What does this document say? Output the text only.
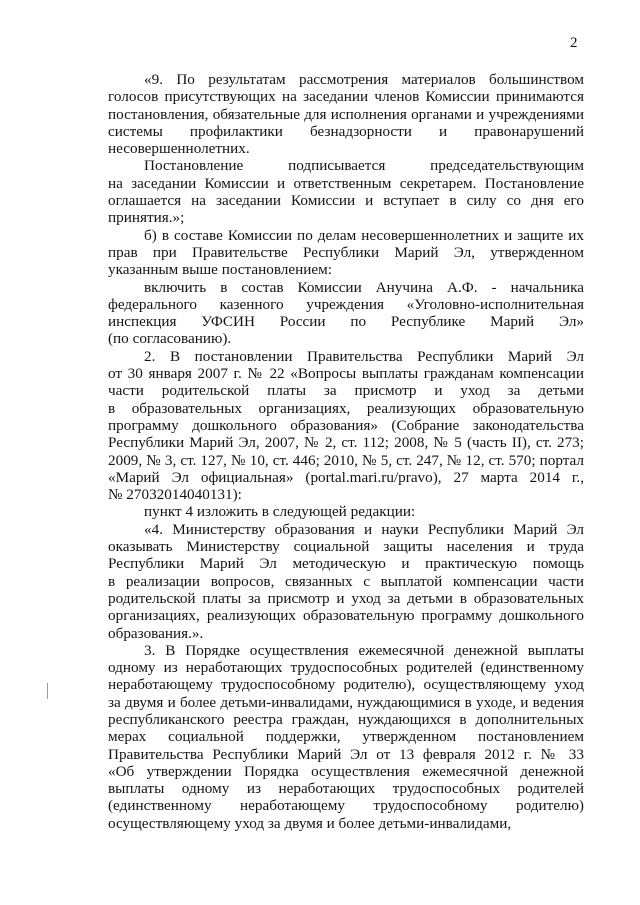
2
«9. По результатам рассмотрения материалов большинством
голосов присутствующих на заседании членов Комиссии принимаются
постановления, обязательные для исполнения органами и учреждениями
системы профилактики безнадзорности и правонарушений
несовершеннолетних.
Постановление подписывается председательствующим
на заседании Комиссии и ответственным секретарем. Постановление
оглашается на заседании Комиссии и вступает в силу со дня его
принятия.»;
б) в составе Комиссии по делам несовершеннолетних и защите их
прав при Правительстве Республики Марий Эл, утвержденном
указанным выше постановлением:
включить в состав Комиссии Анучина А.Ф. - начальника
федерального казенного учреждения «Уголовно-исполнительная
инспекция УФСИН России по Республике Марий Эл»
(по согласованию).
2. В постановлении Правительства Республики Марий Эл
от 30 января 2007 г. № 22 «Вопросы выплаты гражданам компенсации
части родительской платы за присмотр и уход за детьми
в образовательных организациях, реализующих образовательную
программу дошкольного образования» (Собрание законодательства
Республики Марий Эл, 2007, № 2, ст. 112; 2008, № 5 (часть II), ст. 273;
2009, № 3, ст. 127, № 10, ст. 446; 2010, № 5, ст. 247, № 12, ст. 570; портал
«Марий Эл официальная» (portal.mari.ru/pravo), 27 марта 2014 г.,
№ 27032014040131):
пункт 4 изложить в следующей редакции:
«4. Министерству образования и науки Республики Марий Эл
оказывать Министерству социальной защиты населения и труда
Республики Марий Эл методическую и практическую помощь
в реализации вопросов, связанных с выплатой компенсации части
родительской платы за присмотр и уход за детьми в образовательных
организациях, реализующих образовательную программу дошкольного
образования.».
3. В Порядке осуществления ежемесячной денежной выплаты
одному из неработающих трудоспособных родителей (единственному
неработающему трудоспособному родителю), осуществляющему уход
за двумя и более детьми-инвалидами, нуждающимися в уходе, и ведения
республиканского реестра граждан, нуждающихся в дополнительных
мерах социальной поддержки, утвержденном постановлением
Правительства Республики Марий Эл от 13 февраля 2012 г. № 33
«Об утверждении Порядка осуществления ежемесячной денежной
выплаты одному из неработающих трудоспособных родителей
(единственному неработающему трудоспособному родителю)
осуществляющему уход за двумя и более детьми-инвалидами,
